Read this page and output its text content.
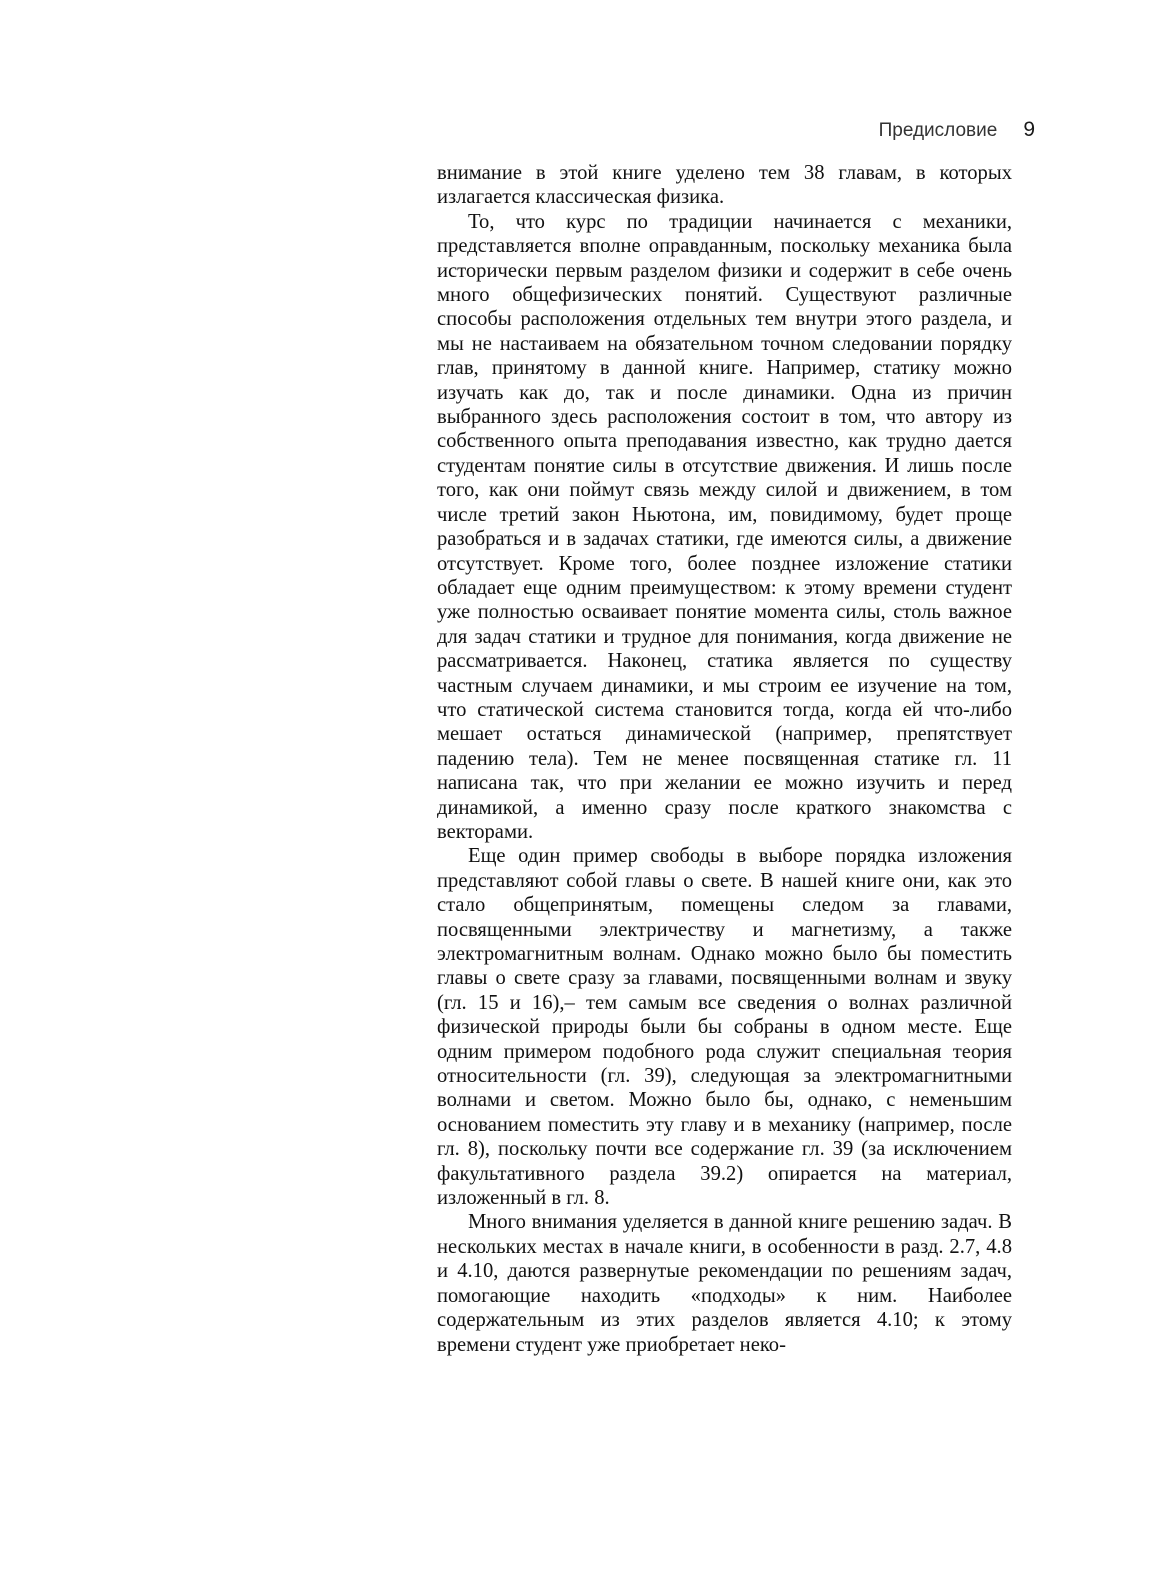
Предисловие 9

внимание в этой книге уделено тем 38 главам, в которых излагается классическая физика.

То, что курс по традиции начинается с механики, представляется вполне оправданным, поскольку механика была исторически первым разделом физики и содержит в себе очень много общефизических понятий. Существуют различные способы расположения отдельных тем внутри этого раздела, и мы не настаиваем на обязательном точном следовании порядку глав, принятому в данной книге. Например, статику можно изучать как до, так и после динамики. Одна из причин выбранного здесь расположения состоит в том, что автору из собственного опыта преподавания известно, как трудно дается студентам понятие силы в отсутствие движения. И лишь после того, как они поймут связь между силой и движением, в том числе третий закон Ньютона, им, повидимому, будет проще разобраться и в задачах статики, где имеются силы, а движение отсутствует. Кроме того, более позднее изложение статики обладает еще одним преимуществом: к этому времени студент уже полностью осваивает понятие момента силы, столь важное для задач статики и трудное для понимания, когда движение не рассматривается. Наконец, статика является по существу частным случаем динамики, и мы строим ее изучение на том, что статической система становится тогда, когда ей что-либо мешает остаться динамической (например, препятствует падению тела). Тем не менее посвященная статике гл. 11 написана так, что при желании ее можно изучить и перед динамикой, а именно сразу после краткого знакомства с векторами.

Еще один пример свободы в выборе порядка изложения представляют собой главы о свете. В нашей книге они, как это стало общепринятым, помещены следом за главами, посвященными электричеству и магнетизму, а также электромагнитным волнам. Однако можно было бы поместить главы о свете сразу за главами, посвященными волнам и звуку (гл. 15 и 16),– тем самым все сведения о волнах различной физической природы были бы собраны в одном месте. Еще одним примером подобного рода служит специальная теория относительности (гл. 39), следующая за электромагнитными волнами и светом. Можно было бы, однако, с неменьшим основанием поместить эту главу и в механику (например, после гл. 8), поскольку почти все содержание гл. 39 (за исключением факультативного раздела 39.2) опирается на материал, изложенный в гл. 8.

Много внимания уделяется в данной книге решению задач. В нескольких местах в начале книги, в особенности в разд. 2.7, 4.8 и 4.10, даются развернутые рекомендации по решениям задач, помогающие находить «подходы» к ним. Наиболее содержательным из этих разделов является 4.10; к этому времени студент уже приобретает неко-
